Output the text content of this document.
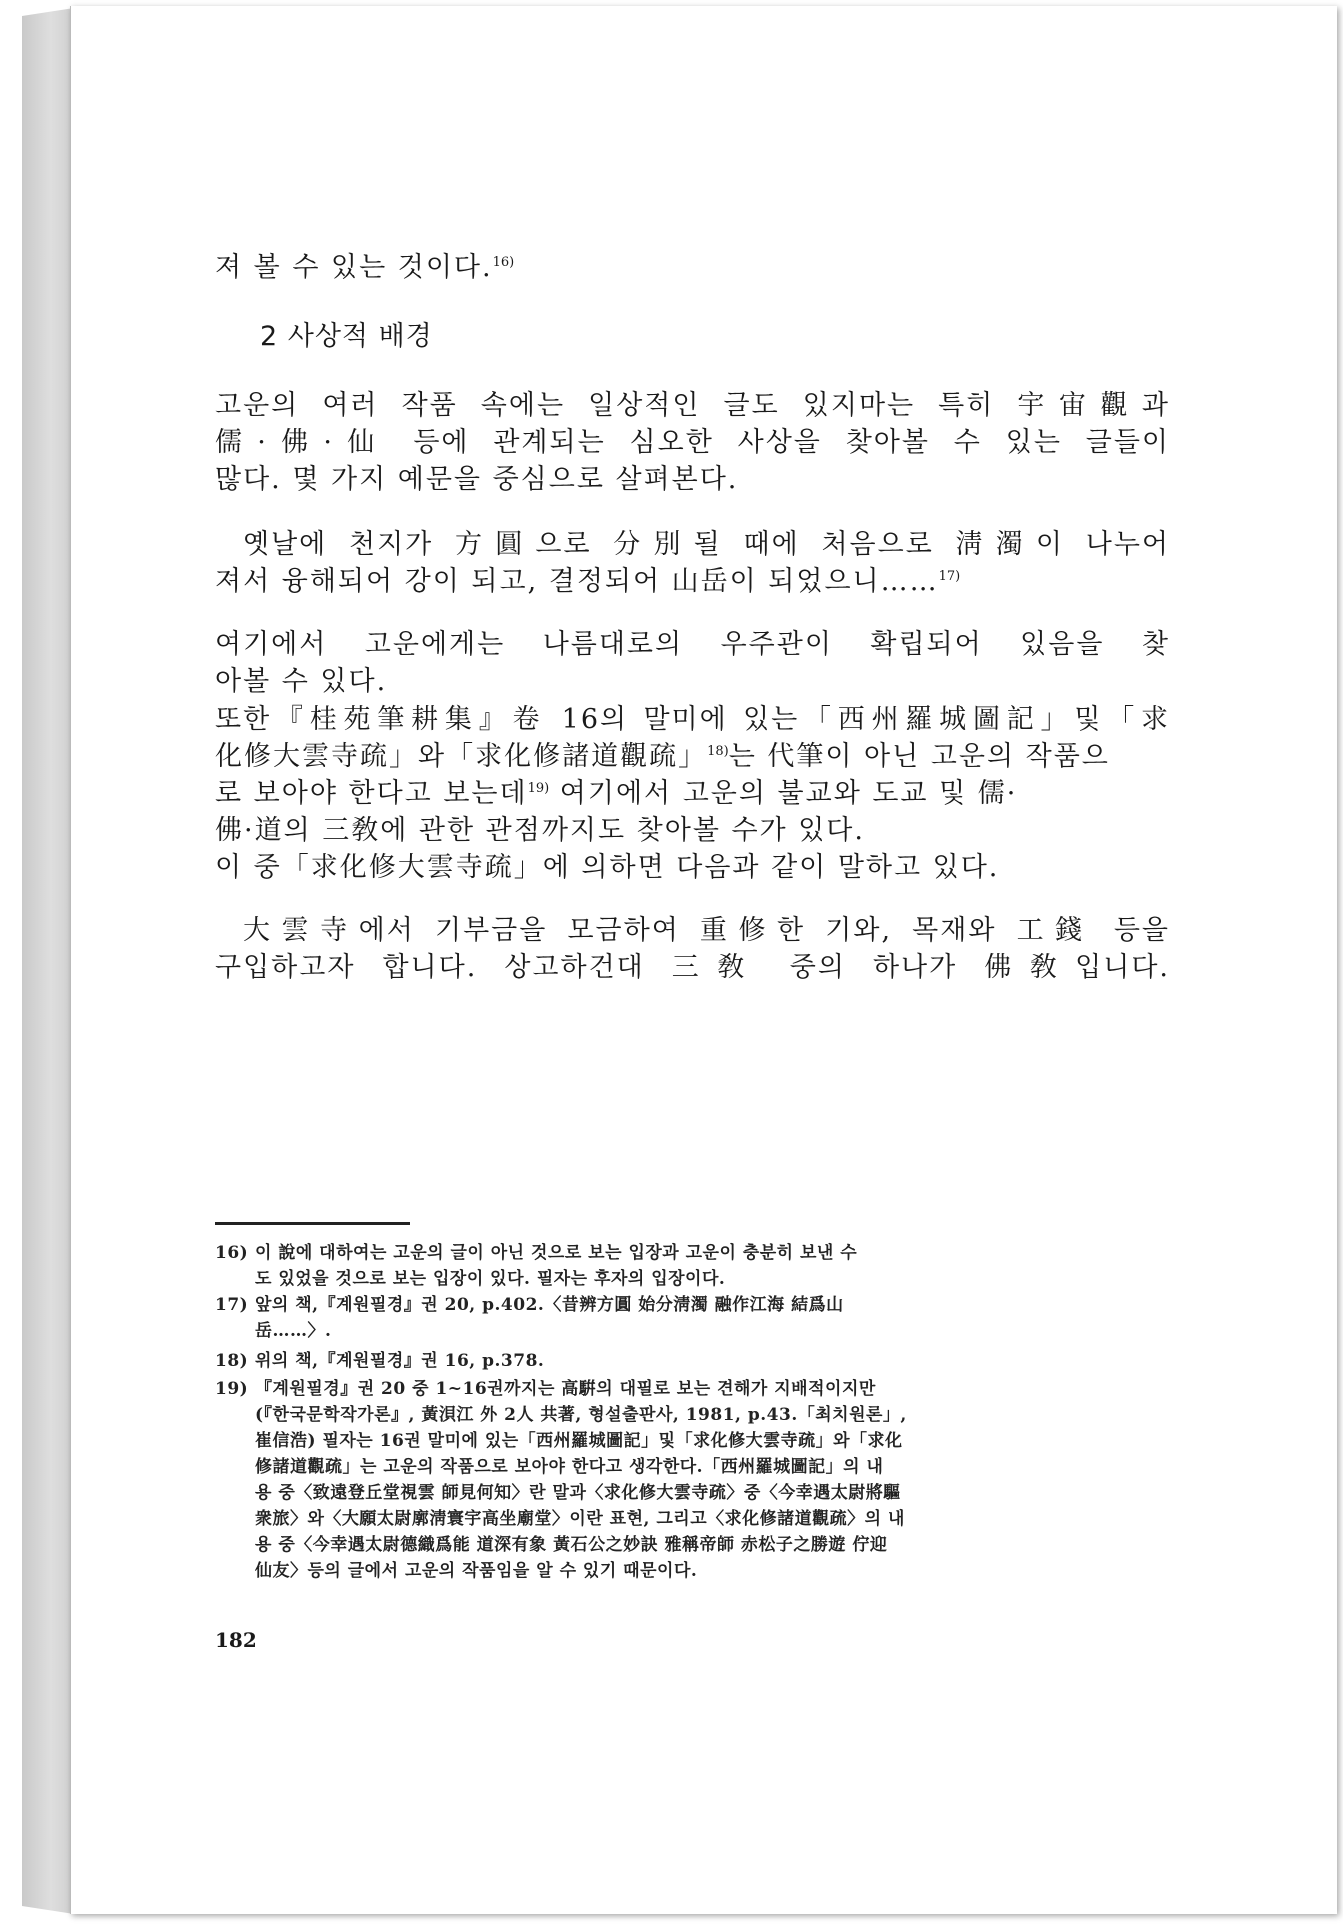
져 볼 수 있는 것이다.$^{16)}$
2 사상적 배경
고운의 여러 작품 속에는 일상적인 글도 있지마는 특히 宇宙觀과
儒·佛·仙 등에 관계되는 심오한 사상을 찾아볼 수 있는 글들이
많다. 몇 가지 예문을 중심으로 살펴본다.
옛날에 천지가 方圓으로 分別될 때에 처음으로 淸濁이 나누어
져서 융해되어 강이 되고, 결정되어 山岳이 되었으니……$^{17)}$
여기에서 고운에게는 나름대로의 우주관이 확립되어 있음을 찾
아볼 수 있다.
또한『桂苑筆耕集』卷 16의 말미에 있는「西州羅城圖記」및「求
化修大雲寺疏」와「求化修諸道觀疏」$^{18)}$는 代筆이 아닌 고운의 작품으
로 보아야 한다고 보는데$^{19)}$ 여기에서 고운의 불교와 도교 및 儒·
佛·道의 三敎에 관한 관점까지도 찾아볼 수가 있다.
이 중「求化修大雲寺疏」에 의하면 다음과 같이 말하고 있다.
大雲寺에서 기부금을 모금하여 重修한 기와, 목재와 工錢 등을
구입하고자 합니다. 상고하건대 三敎 중의 하나가 佛敎입니다.
16) 이 說에 대하여는 고운의 글이 아닌 것으로 보는 입장과 고운이 충분히 보낸 수
도 있었을 것으로 보는 입장이 있다. 필자는 후자의 입장이다.
17) 앞의 책,『계원필경』권 20, p.402.〈昔辨方圓 始分淸濁 融作江海 結爲山
岳……〉.
18) 위의 책,『계원필경』권 16, p.378.
19) 『계원필경』권 20 중 1~16권까지는 高騈의 대필로 보는 견해가 지배적이지만
(『한국문학작가론』, 黃浿江 外 2人 共著, 형설출판사, 1981, p.43.「최치원론」,
崔信浩) 필자는 16권 말미에 있는「西州羅城圖記」및「求化修大雲寺疏」와「求化
修諸道觀疏」는 고운의 작품으로 보아야 한다고 생각한다.「西州羅城圖記」의 내
용 중〈致遠登丘堂視雲 師見何知〉란 말과〈求化修大雲寺疏〉중〈今幸遇太尉將驅
衆旅〉와〈大願太尉廓淸寰宇高坐廟堂〉이란 표현, 그리고〈求化修諸道觀疏〉의 내
용 중〈今幸遇太尉德織爲能 道深有象 黃石公之妙訣 雅稱帝師 赤松子之勝遊 佇迎
仙友〉등의 글에서 고운의 작품임을 알 수 있기 때문이다.
182
